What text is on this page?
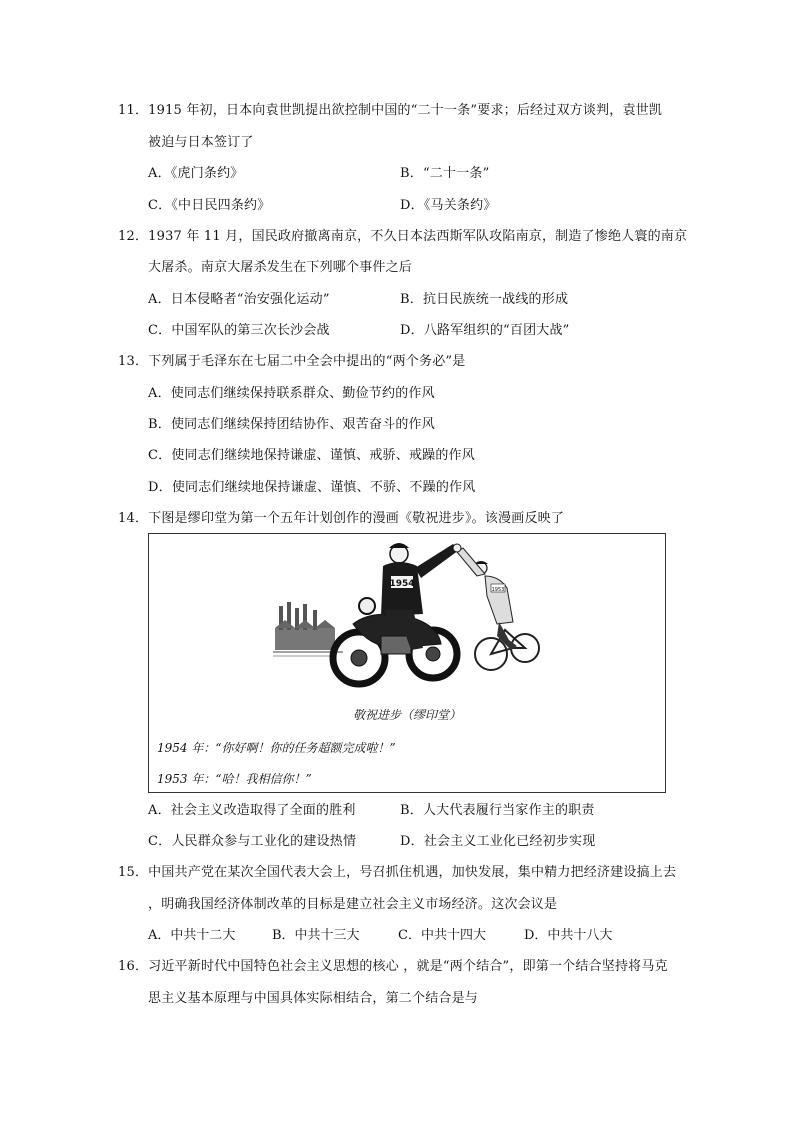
11．1915 年初，日本向袁世凯提出欲控制中国的“二十一条”要求；后经过双方谈判，袁世凯
被迫与日本签订了
A．《虎门条约》	B．“二十一条”
C．《中日民四条约》	D．《马关条约》
12．1937 年 11 月，国民政府撤离南京，不久日本法西斯军队攻陷南京，制造了惨绝人寰的南京
大屠杀。南京大屠杀发生在下列哪个事件之后
A．日本侵略者“治安强化运动”	B．抗日民族统一战线的形成
C．中国军队的第三次长沙会战	D．八路军组织的“百团大战”
13．下列属于毛泽东在七届二中全会中提出的“两个务必”是
A．使同志们继续保持联系群众、勤俭节约的作风
B．使同志们继续保持团结协作、艰苦奋斗的作风
C．使同志们继续地保持谦虚、谨慎、戒骄、戒躁的作风
D．使同志们继续地保持谦虚、谨慎、不骄、不躁的作风
14．下图是缪印堂为第一个五年计划创作的漫画《敬祝进步》。该漫画反映了
1954
1953
敬祝进步（缪印堂）
1954 年：“你好啊！你的任务超额完成啦！”
1953 年：“哈！我相信你！”
A．社会主义改造取得了全面的胜利	B．人大代表履行当家作主的职责
C．人民群众参与工业化的建设热情	D．社会主义工业化已经初步实现
15．中国共产党在某次全国代表大会上，号召抓住机遇，加快发展，集中精力把经济建设搞上去
，明确我国经济体制改革的目标是建立社会主义市场经济。这次会议是
A．中共十二大	B．中共十三大	C．中共十四大	D．中共十八大
16．习近平新时代中国特色社会主义思想的核心 ，就是“两个结合”，即第一个结合坚持将马克
思主义基本原理与中国具体实际相结合，第二个结合是与
